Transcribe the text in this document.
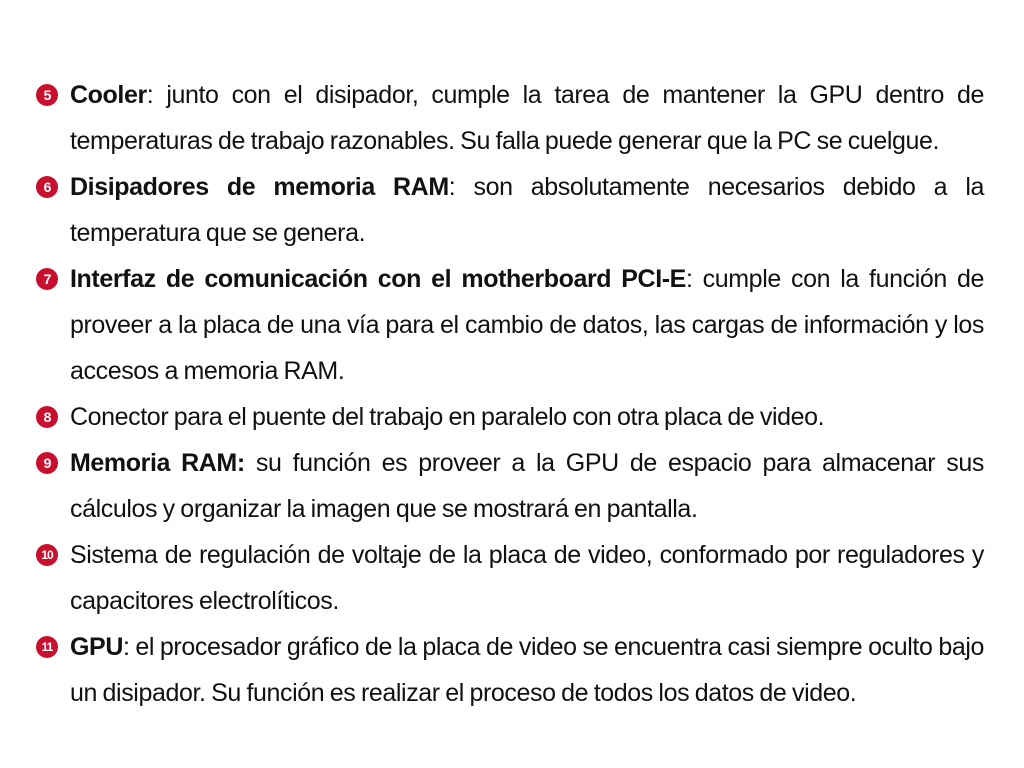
5 Cooler: junto con el disipador, cumple la tarea de mantener la GPU dentro de temperaturas de trabajo razonables. Su falla puede generar que la PC se cuelgue.
6 Disipadores de memoria RAM: son absolutamente necesarios debido a la temperatura que se genera.
7 Interfaz de comunicación con el motherboard PCI-E: cumple con la función de proveer a la placa de una vía para el cambio de datos, las cargas de información y los accesos a memoria RAM.
8 Conector para el puente del trabajo en paralelo con otra placa de video.
9 Memoria RAM: su función es proveer a la GPU de espacio para almacenar sus cálculos y organizar la imagen que se mostrará en pantalla.
10 Sistema de regulación de voltaje de la placa de video, conformado por reguladores y capacitores electrolíticos.
11 GPU: el procesador gráfico de la placa de video se encuentra casi siempre oculto bajo un disipador. Su función es realizar el proceso de todos los datos de video.
